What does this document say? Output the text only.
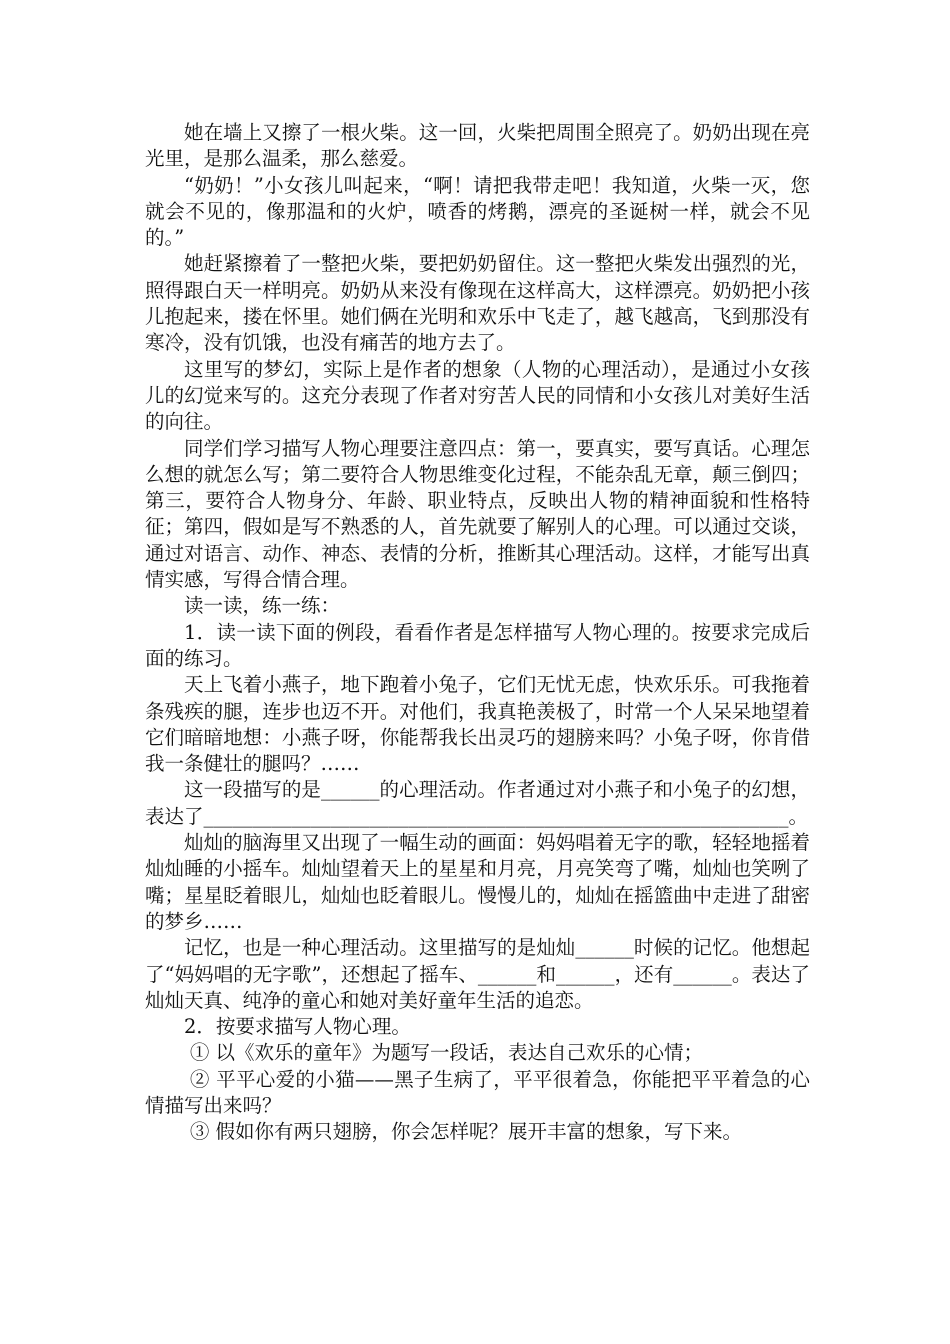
她在墙上又擦了一根火柴。这一回，火柴把周围全照亮了。奶奶出现在亮光里，是那么温柔，那么慈爱。

“奶奶！”小女孩儿叫起来，“啊！请把我带走吧！我知道，火柴一灭，您就会不见的，像那温和的火炉，喷香的烤鹅，漂亮的圣诞树一样，就会不见的。”

她赶紧擦着了一整把火柴，要把奶奶留住。这一整把火柴发出强烈的光，照得跟白天一样明亮。奶奶从来没有像现在这样高大，这样漂亮。奶奶把小孩儿抱起来，搂在怀里。她们俩在光明和欢乐中飞走了，越飞越高，飞到那没有寒冷，没有饥饿，也没有痛苦的地方去了。

这里写的梦幻，实际上是作者的想象（人物的心理活动），是通过小女孩儿的幻觉来写的。这充分表现了作者对穷苦人民的同情和小女孩儿对美好生活的向往。

同学们学习描写人物心理要注意四点：第一，要真实，要写真话。心理怎么想的就怎么写；第二要符合人物思维变化过程，不能杂乱无章，颠三倒四；第三，要符合人物身分、年龄、职业特点，反映出人物的精神面貌和性格特征；第四，假如是写不熟悉的人，首先就要了解别人的心理。可以通过交谈，通过对语言、动作、神态、表情的分析，推断其心理活动。这样，才能写出真情实感，写得合情合理。

读一读，练一练：

1．读一读下面的例段，看看作者是怎样描写人物心理的。按要求完成后面的练习。

天上飞着小燕子，地下跑着小兔子，它们无忧无虑，快欢乐乐。可我拖着条残疾的腿，连步也迈不开。对他们，我真艳羡极了，时常一个人呆呆地望着它们暗暗地想：小燕子呀，你能帮我长出灵巧的翅膀来吗？小兔子呀，你肯借我一条健壮的腿吗？……

这一段描写的是______的心理活动。作者通过对小燕子和小兔子的幻想，表达了____________________________________________________________。

灿灿的脑海里又出现了一幅生动的画面：妈妈唱着无字的歌，轻轻地摇着灿灿睡的小摇车。灿灿望着天上的星星和月亮，月亮笑弯了嘴，灿灿也笑咧了嘴；星星眨着眼儿，灿灿也眨着眼儿。慢慢儿的，灿灿在摇篮曲中走进了甜密的梦乡……

记忆，也是一种心理活动。这里描写的是灿灿______时候的记忆。他想起了“妈妈唱的无字歌”，还想起了摇车、______和______，还有______。表达了灿灿天真、纯净的童心和她对美好童年生活的追恋。

2．按要求描写人物心理。

① 以《欢乐的童年》为题写一段话，表达自己欢乐的心情；

② 平平心爱的小猫——黑子生病了，平平很着急，你能把平平着急的心情描写出来吗？

③ 假如你有两只翅膀，你会怎样呢？展开丰富的想象，写下来。
